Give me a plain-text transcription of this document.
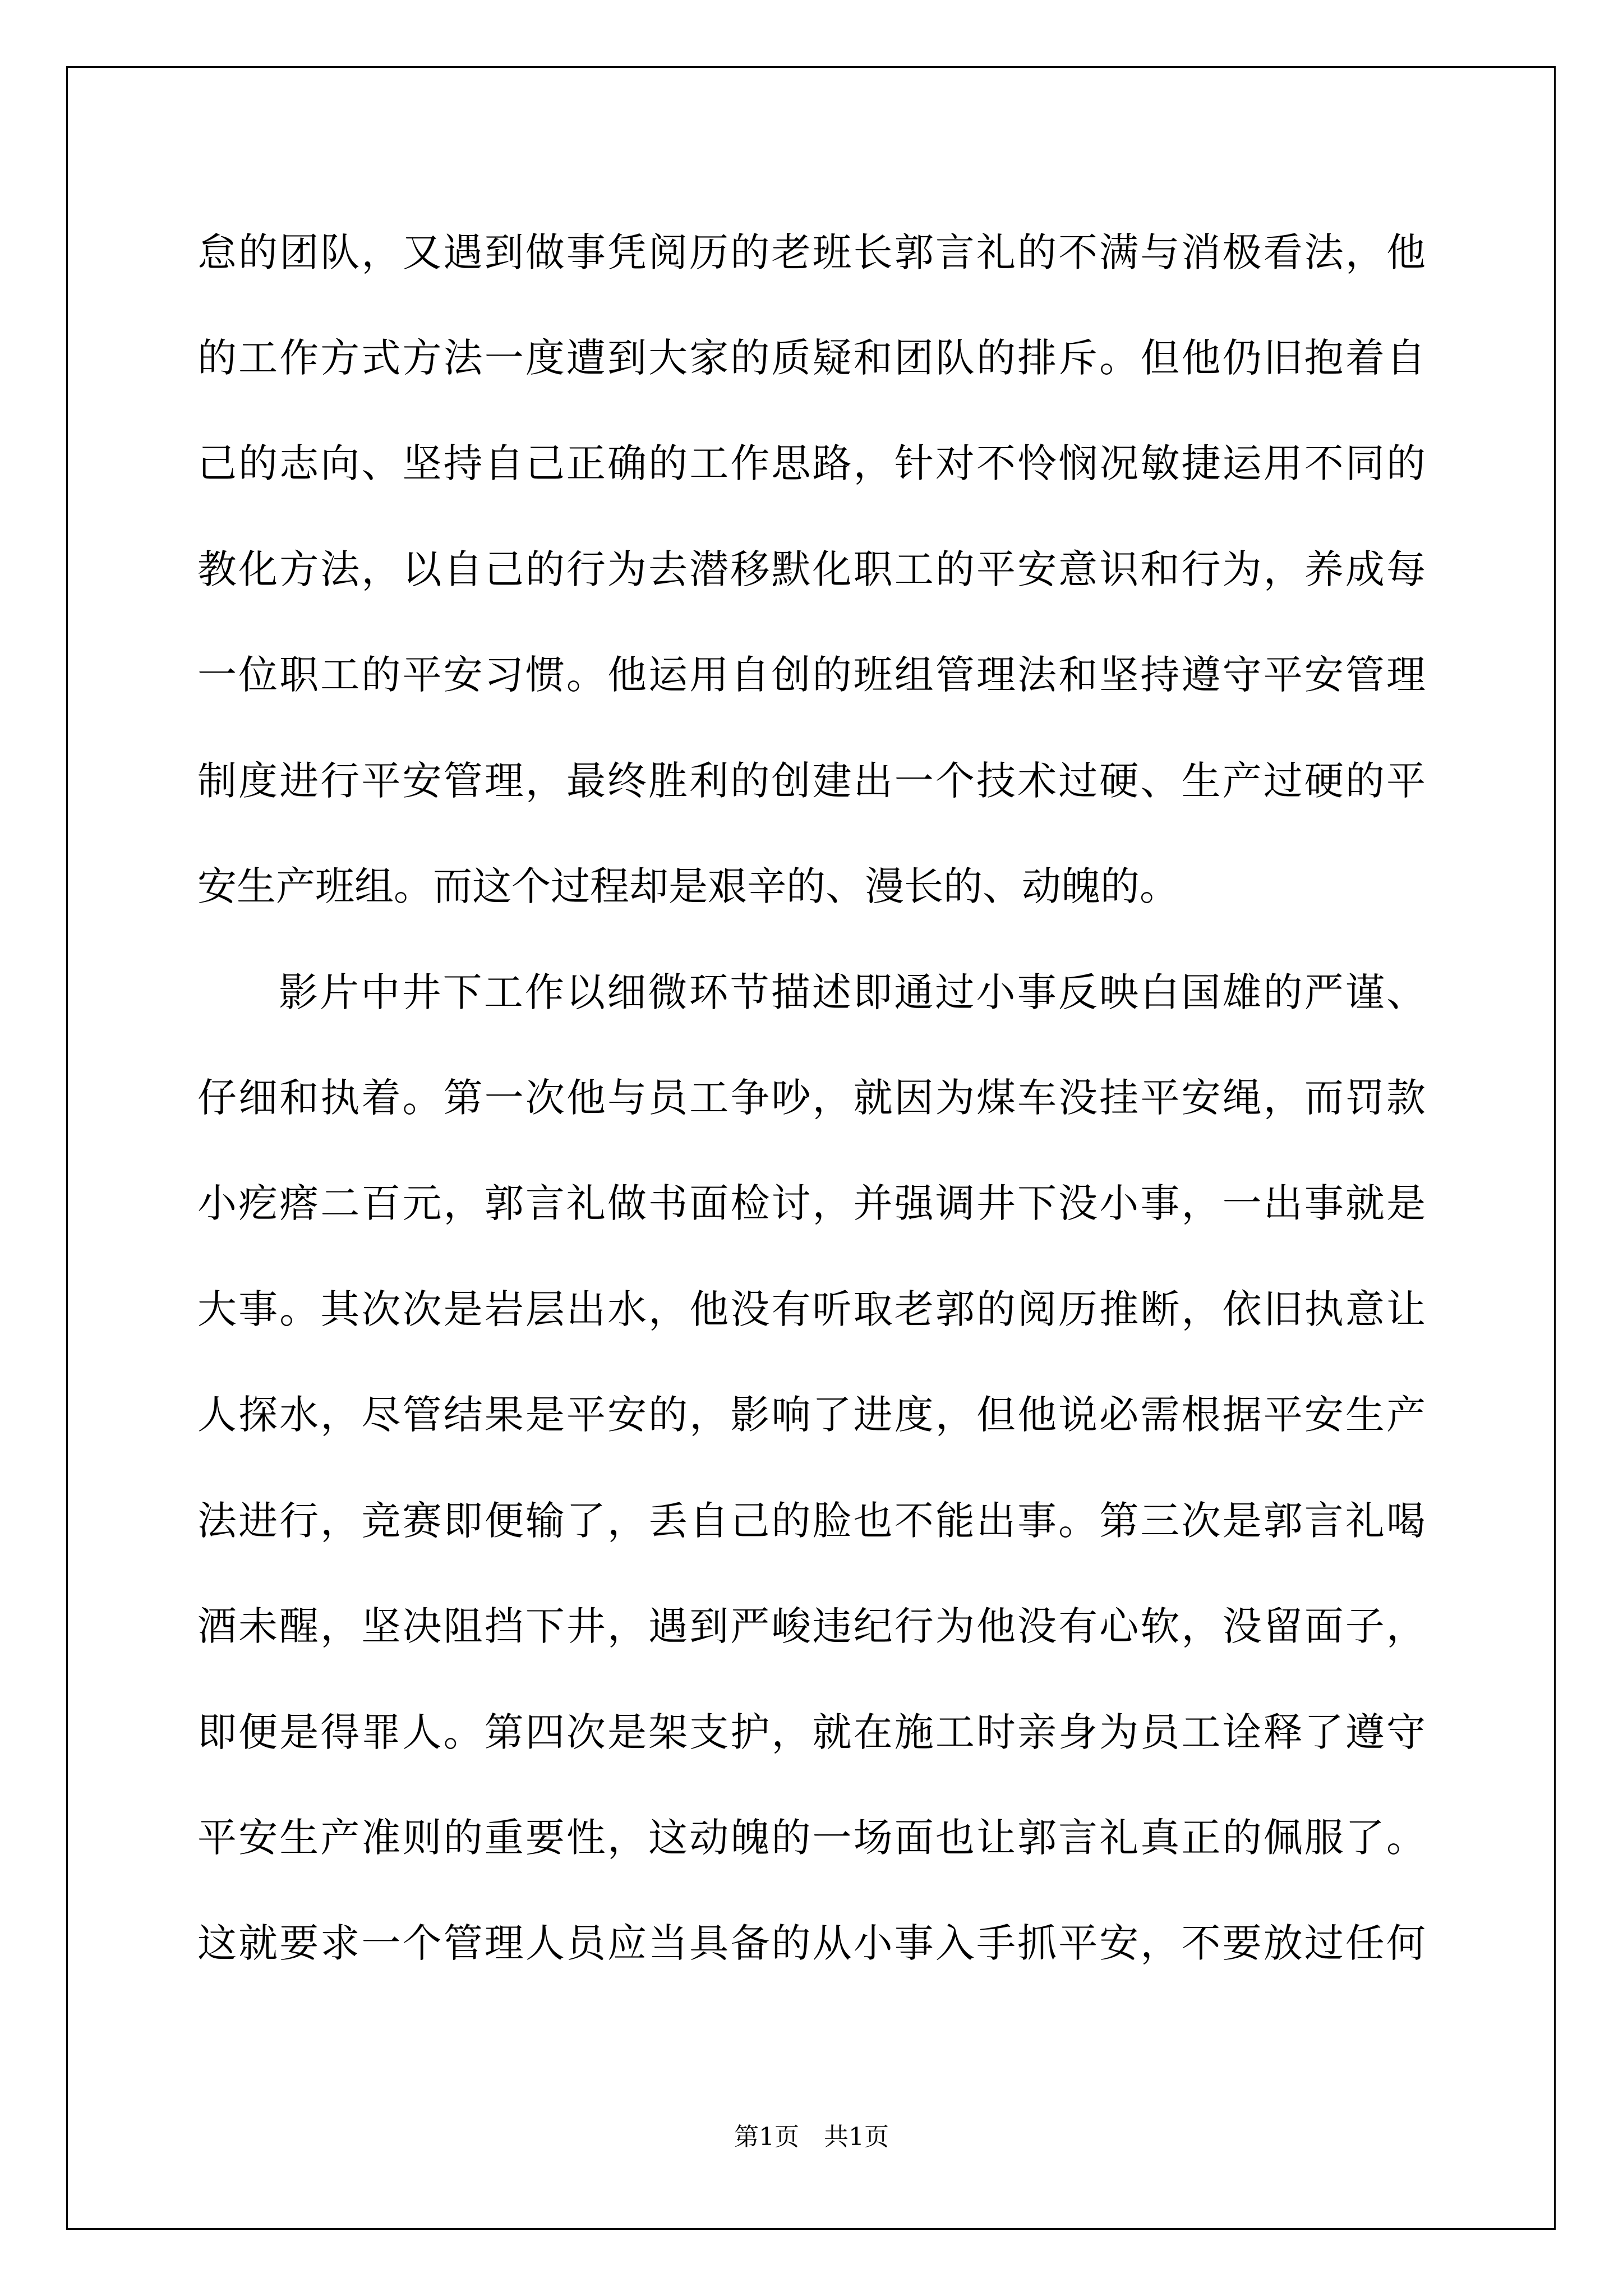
怠的团队，又遇到做事凭阅历的老班长郭言礼的不满与消极看法，他
的工作方式方法一度遭到大家的质疑和团队的排斥。但他仍旧抱着自
己的志向、坚持自己正确的工作思路，针对不怜悯况敏捷运用不同的
教化方法，以自己的行为去潜移默化职工的平安意识和行为，养成每
一位职工的平安习惯。他运用自创的班组管理法和坚持遵守平安管理
制度进行平安管理，最终胜利的创建出一个技术过硬、生产过硬的平
安生产班组。而这个过程却是艰辛的、漫长的、动魄的。
影片中井下工作以细微环节描述即通过小事反映白国雄的严谨、
仔细和执着。第一次他与员工争吵，就因为煤车没挂平安绳，而罚款
小疙瘩二百元，郭言礼做书面检讨，并强调井下没小事，一出事就是
大事。其次次是岩层出水，他没有听取老郭的阅历推断，依旧执意让
人探水，尽管结果是平安的，影响了进度，但他说必需根据平安生产
法进行，竞赛即便输了，丢自己的脸也不能出事。第三次是郭言礼喝
酒未醒，坚决阻挡下井，遇到严峻违纪行为他没有心软，没留面子，
即便是得罪人。第四次是架支护，就在施工时亲身为员工诠释了遵守
平安生产准则的重要性，这动魄的一场面也让郭言礼真正的佩服了。
这就要求一个管理人员应当具备的从小事入手抓平安，不要放过任何
第1页　共1页
